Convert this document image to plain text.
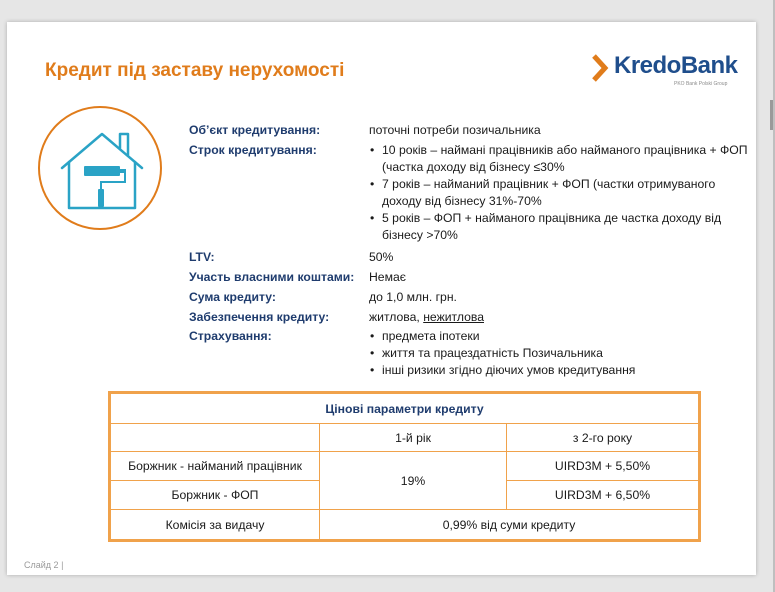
Кредит під заставу нерухомості	KredoBank
PKO Bank Polski Group
Об’єкт кредитування:	поточні потреби позичальника
Строк кредитування:	• 10 років – наймані працівників або найманого працівника + ФОП (частка доходу від бізнесу ≤30%
• 7 років – найманий працівник + ФОП (частки отримуваного доходу від бізнесу 31%-70%
• 5 років – ФОП + найманого працівника де частка доходу від бізнесу >70%
LTV:	50%
Участь власними коштами: Немає
Сума кредиту:	до 1,0 млн. грн.
Забезпечення кредиту:	житлова, нежитлова
Страхування:	• предмета іпотеки
• життя та працездатність Позичальника
• інші ризики згідно діючих умов кредитування
Цінові параметри кредиту		
	1-й рік	з 2-го року
Боржник - найманий працівник	19%	UIRD3M + 5,50%
Боржник - ФОП		UIRD3M + 6,50%
Комісія за видачу	0,99% від суми кредиту	
Слайд 2 |
